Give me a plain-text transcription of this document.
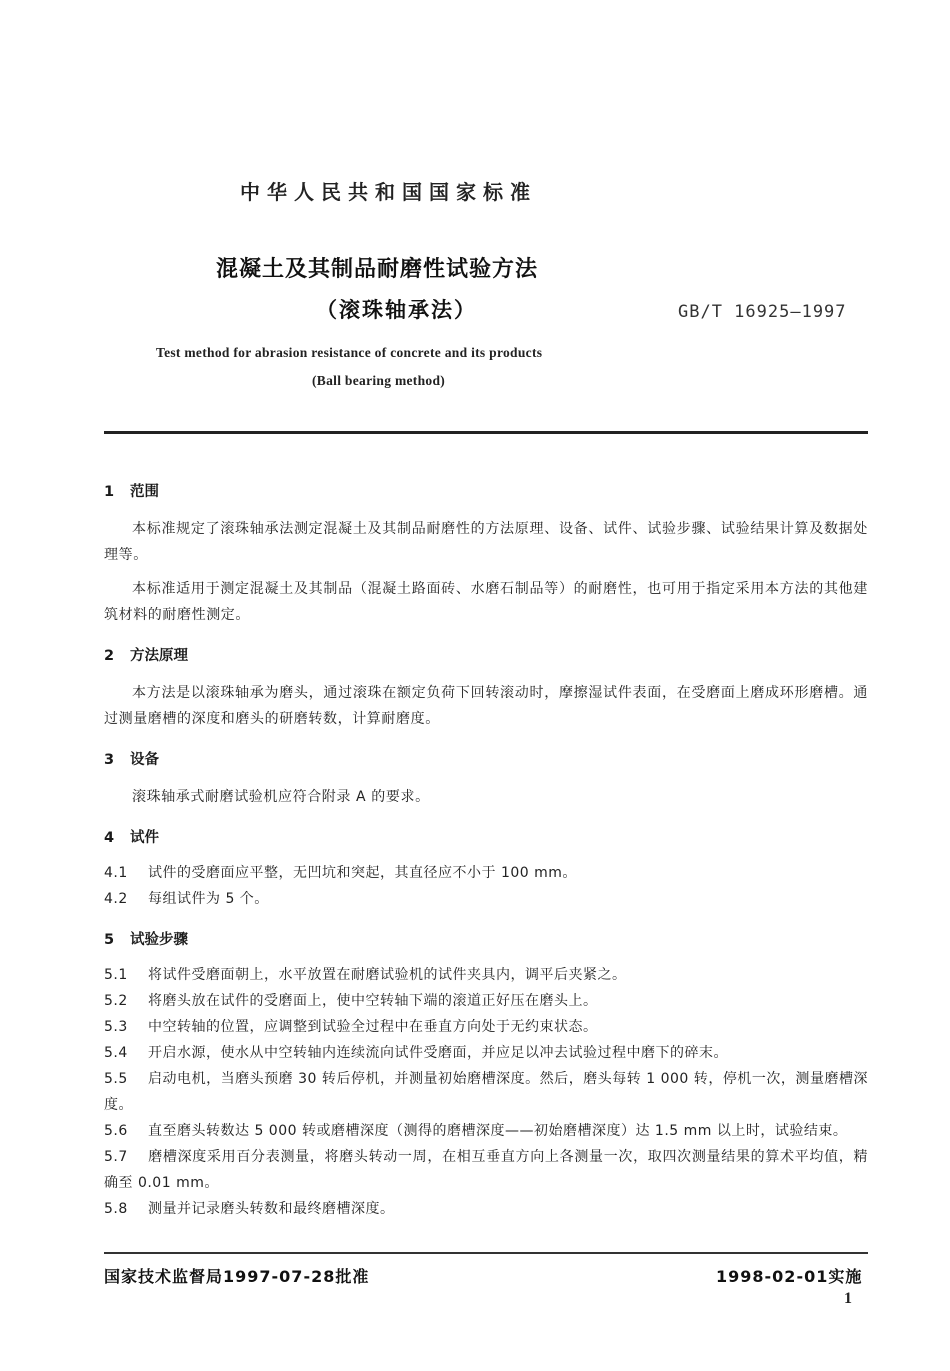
中华人民共和国国家标准
混凝土及其制品耐磨性试验方法
（滚珠轴承法）	GB/T 16925—1997
Test method for abrasion resistance of concrete and its products
(Ball bearing method)
1 范围

本标准规定了滚珠轴承法测定混凝土及其制品耐磨性的方法原理、设备、试件、试验步骤、试验结果计算及数据处理等。

本标准适用于测定混凝土及其制品（混凝土路面砖、水磨石制品等）的耐磨性，也可用于指定采用本方法的其他建筑材料的耐磨性测定。

2 方法原理

本方法是以滚珠轴承为磨头，通过滚珠在额定负荷下回转滚动时，摩擦湿试件表面，在受磨面上磨成环形磨槽。通过测量磨槽的深度和磨头的研磨转数，计算耐磨度。

3 设备

滚珠轴承式耐磨试验机应符合附录 A 的要求。

4 试件

4.1 试件的受磨面应平整，无凹坑和突起，其直径应不小于 100 mm。

4.2 每组试件为 5 个。

5 试验步骤

5.1 将试件受磨面朝上，水平放置在耐磨试验机的试件夹具内，调平后夹紧之。

5.2 将磨头放在试件的受磨面上，使中空转轴下端的滚道正好压在磨头上。

5.3 中空转轴的位置，应调整到试验全过程中在垂直方向处于无约束状态。

5.4 开启水源，使水从中空转轴内连续流向试件受磨面，并应足以冲去试验过程中磨下的碎末。

5.5 启动电机，当磨头预磨 30 转后停机，并测量初始磨槽深度。然后，磨头每转 1 000 转，停机一次，测量磨槽深度。

5.6 直至磨头转数达 5 000 转或磨槽深度（测得的磨槽深度——初始磨槽深度）达 1.5 mm 以上时，试验结束。

5.7 磨槽深度采用百分表测量，将磨头转动一周，在相互垂直方向上各测量一次，取四次测量结果的算术平均值，精确至 0.01 mm。

5.8 测量并记录磨头转数和最终磨槽深度。

国家技术监督局1997-07-28批准	1998-02-01实施
1
